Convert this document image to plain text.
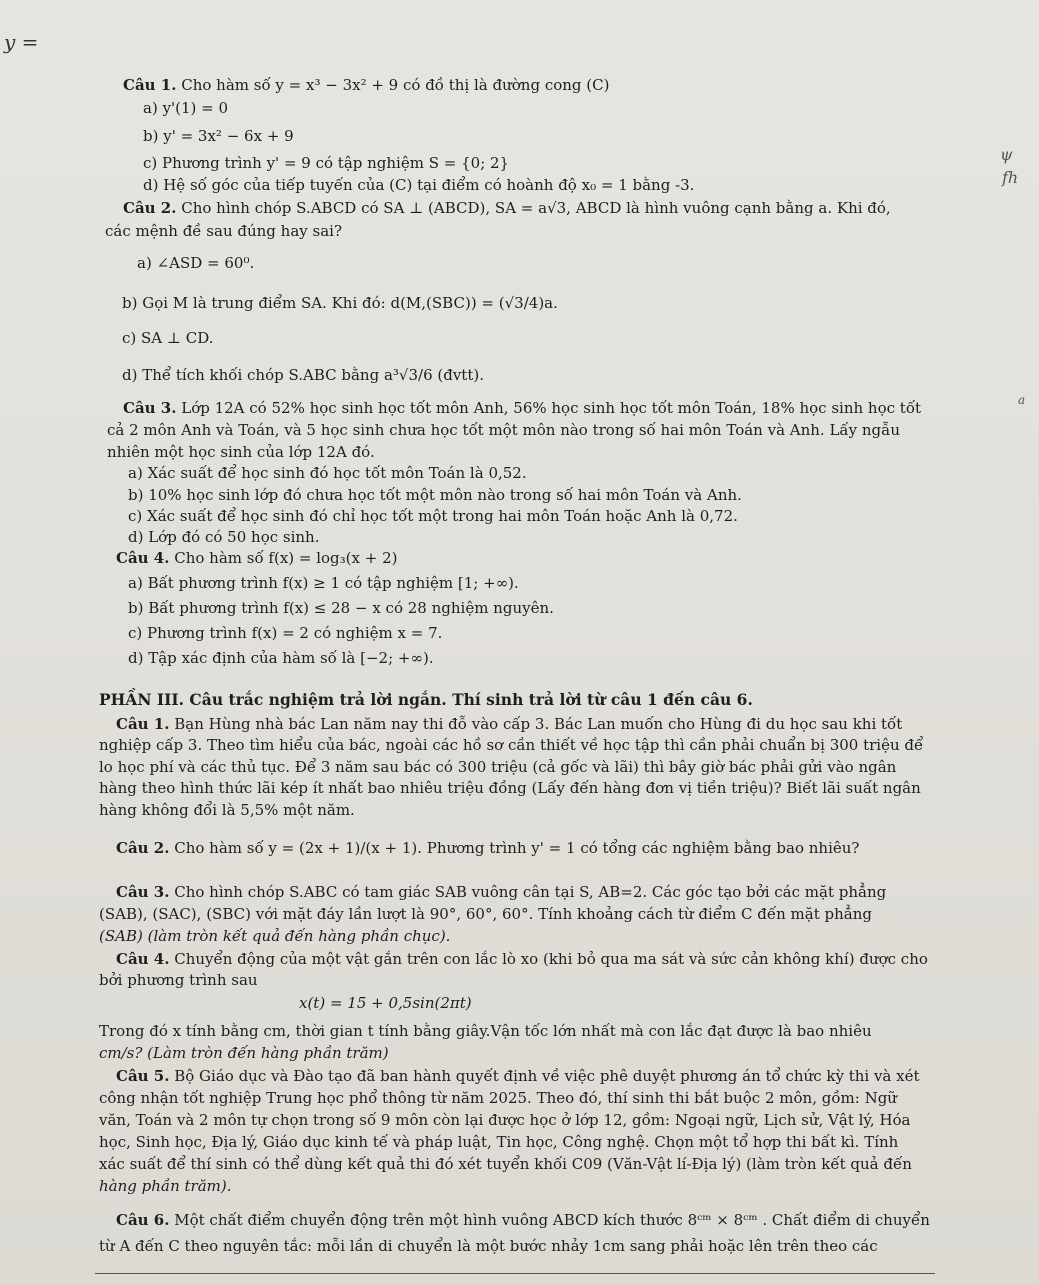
y =
ψ
fh
a
Câu 1. Cho hàm số y = x³ − 3x² + 9 có đồ thị là đường cong (C)
a) y'(1) = 0
b) y' = 3x² − 6x + 9
c) Phương trình y' = 9 có tập nghiệm S = {0; 2}
d) Hệ số góc của tiếp tuyến của (C) tại điểm có hoành độ x₀ = 1 bằng -3.
Câu 2. Cho hình chóp S.ABCD có SA ⊥ (ABCD), SA = a√3, ABCD là hình vuông cạnh bằng a. Khi đó,
các mệnh đề sau đúng hay sai?
a) ∠ASD = 60⁰.
b) Gọi M là trung điểm SA. Khi đó: d(M,(SBC)) = (√3/4)a.
c) SA ⊥ CD.
d) Thể tích khối chóp S.ABC bằng a³√3/6 (đvtt).
Câu 3. Lớp 12A có 52% học sinh học tốt môn Anh, 56% học sinh học tốt môn Toán, 18% học sinh học tốt
cả 2 môn Anh và Toán, và 5 học sinh chưa học tốt một môn nào trong số hai môn Toán và Anh. Lấy ngẫu
nhiên một học sinh của lớp 12A đó.
a) Xác suất để học sinh đó học tốt môn Toán là 0,52.
b) 10% học sinh lớp đó chưa học tốt một môn nào trong số hai môn Toán và Anh.
c) Xác suất để học sinh đó chỉ học tốt một trong hai môn Toán hoặc Anh là 0,72.
d) Lớp đó có 50 học sinh.
Câu 4. Cho hàm số f(x) = log₃(x + 2)
a) Bất phương trình f(x) ≥ 1 có tập nghiệm [1; +∞).
b) Bất phương trình f(x) ≤ 28 − x có 28 nghiệm nguyên.
c) Phương trình f(x) = 2 có nghiệm x = 7.
d) Tập xác định của hàm số là [−2; +∞).
PHẦN III. Câu trắc nghiệm trả lời ngắn. Thí sinh trả lời từ câu 1 đến câu 6.
Câu 1. Bạn Hùng nhà bác Lan năm nay thi đỗ vào cấp 3. Bác Lan muốn cho Hùng đi du học sau khi tốt
nghiệp cấp 3. Theo tìm hiểu của bác, ngoài các hồ sơ cần thiết về học tập thì cần phải chuẩn bị 300 triệu để
lo học phí và các thủ tục. Để 3 năm sau bác có 300 triệu (cả gốc và lãi) thì bây giờ bác phải gửi vào ngân
hàng theo hình thức lãi kép ít nhất bao nhiêu triệu đồng (Lấy đến hàng đơn vị tiền triệu)? Biết lãi suất ngân
hàng không đổi là 5,5% một năm.
Câu 2. Cho hàm số y = (2x + 1)/(x + 1). Phương trình y' = 1 có tổng các nghiệm bằng bao nhiêu?
Câu 3. Cho hình chóp S.ABC có tam giác SAB vuông cân tại S, AB=2. Các góc tạo bởi các mặt phẳng
(SAB), (SAC), (SBC) với mặt đáy lần lượt là 90°, 60°, 60°. Tính khoảng cách từ điểm C đến mặt phẳng
(SAB) (làm tròn kết quả đến hàng phần chục).
Câu 4. Chuyển động của một vật gắn trên con lắc lò xo (khi bỏ qua ma sát và sức cản không khí) được cho
bởi phương trình sau
x(t) = 15 + 0,5sin(2πt)
Trong đó x tính bằng cm, thời gian t tính bằng giây.Vận tốc lớn nhất mà con lắc đạt được là bao nhiêu
cm/s? (Làm tròn đến hàng phần trăm)
Câu 5. Bộ Giáo dục và Đào tạo đã ban hành quyết định về việc phê duyệt phương án tổ chức kỳ thi và xét
công nhận tốt nghiệp Trung học phổ thông từ năm 2025. Theo đó, thí sinh thi bắt buộc 2 môn, gồm: Ngữ
văn, Toán và 2 môn tự chọn trong số 9 môn còn lại được học ở lớp 12, gồm: Ngoại ngữ, Lịch sử, Vật lý, Hóa
học, Sinh học, Địa lý, Giáo dục kinh tế và pháp luật, Tin học, Công nghệ. Chọn một tổ hợp thi bất kì. Tính
xác suất để thí sinh có thể dùng kết quả thi đó xét tuyển khối C09 (Văn-Vật lí-Địa lý) (làm tròn kết quả đến
hàng phần trăm).
Câu 6. Một chất điểm chuyển động trên một hình vuông ABCD kích thước 8ᶜᵐ × 8ᶜᵐ . Chất điểm di chuyển
từ A đến C theo nguyên tắc: mỗi lần di chuyển là một bước nhảy 1cm sang phải hoặc lên trên theo các
